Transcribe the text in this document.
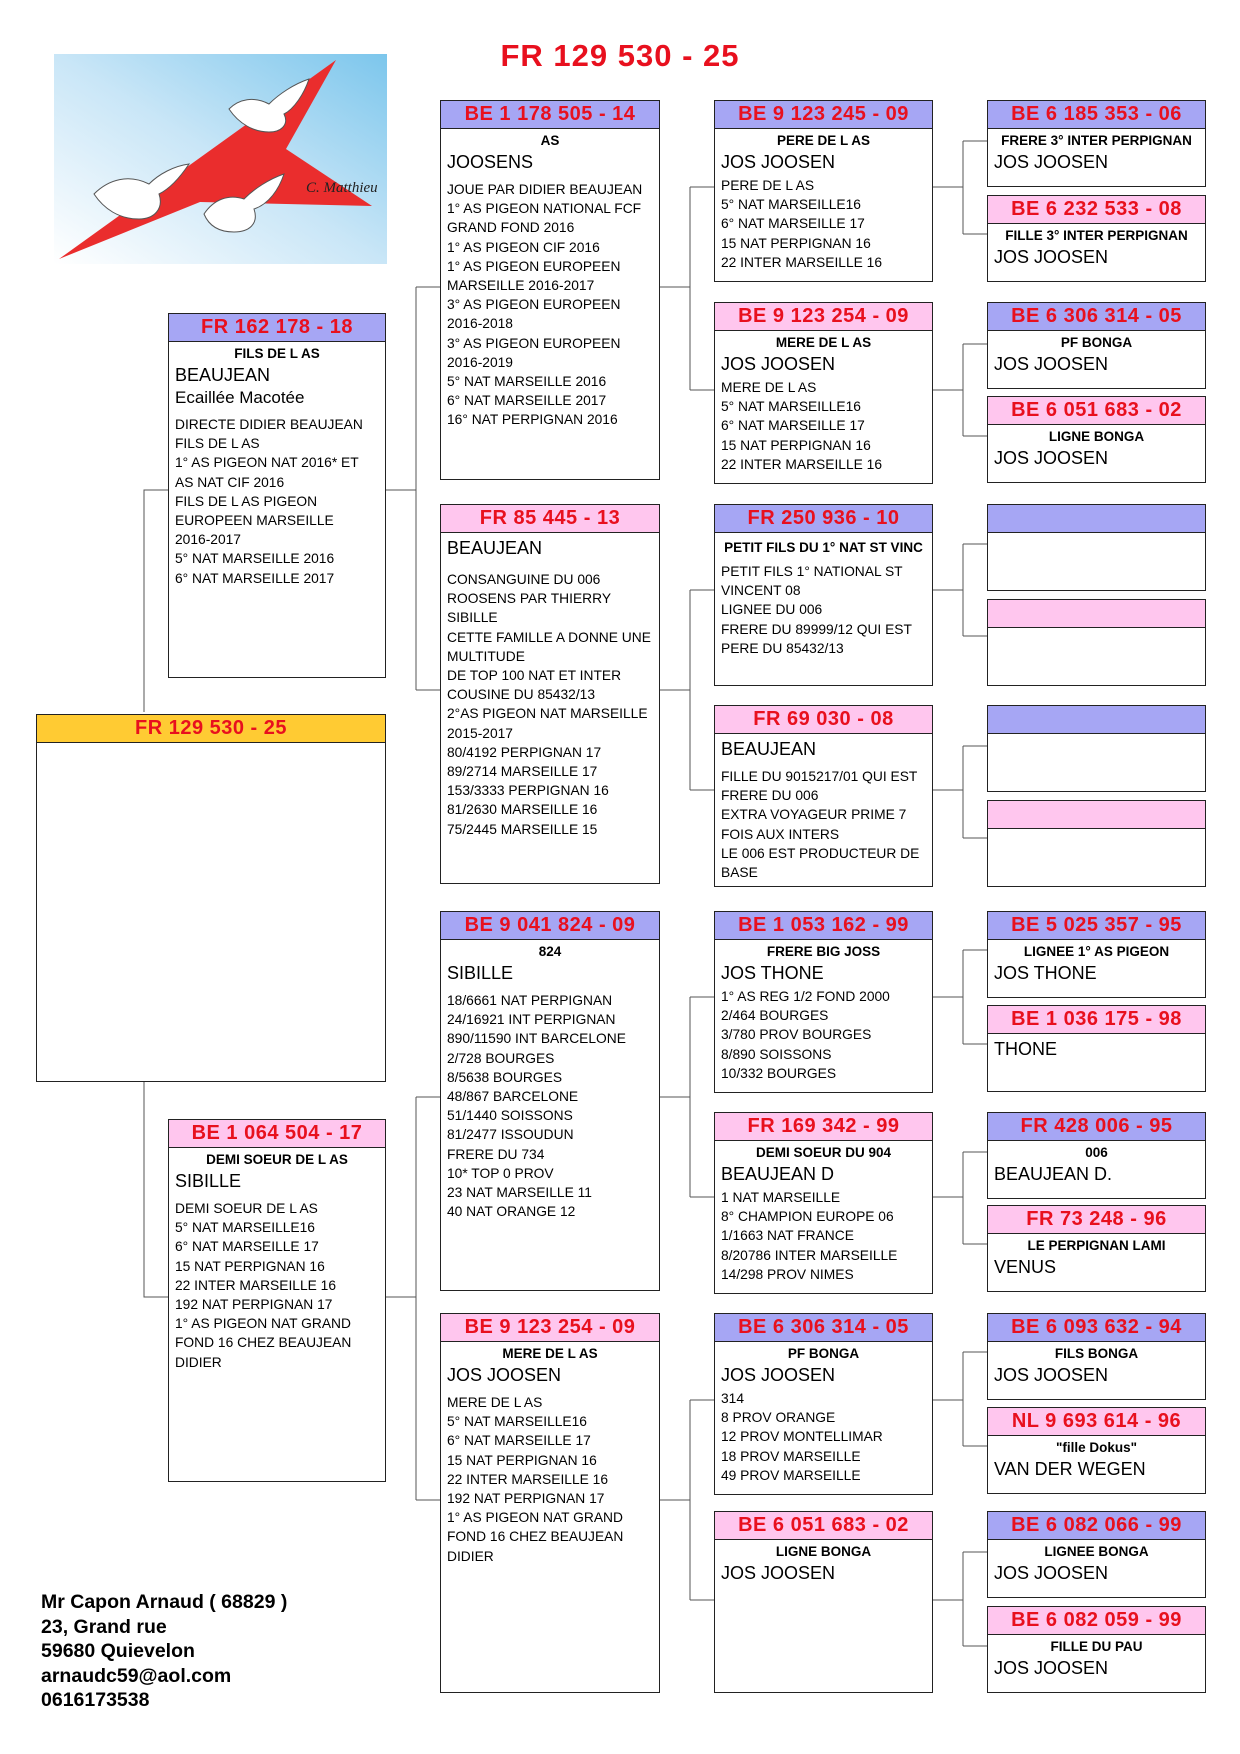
FR 129 530 - 25
C. Matthieu
FR 129 530 - 25
FR 162 178 - 18
FILS DE L AS
BEAUJEAN
Ecaillée Macotée
DIRECTE DIDIER BEAUJEAN
FILS DE L AS
1° AS PIGEON NAT 2016* ET
AS NAT CIF 2016
FILS DE L AS PIGEON
EUROPEEN MARSEILLE
2016-2017
5° NAT MARSEILLE 2016
6° NAT MARSEILLE 2017
BE 1 064 504 - 17
DEMI SOEUR DE L AS
SIBILLE
DEMI SOEUR DE L AS
5° NAT MARSEILLE16
6° NAT MARSEILLE 17
15 NAT PERPIGNAN 16
22 INTER MARSEILLE 16
192 NAT PERPIGNAN 17
1° AS PIGEON NAT GRAND
FOND 16 CHEZ BEAUJEAN
DIDIER
BE 1 178 505 - 14
AS
JOOSENS
JOUE PAR DIDIER BEAUJEAN
1° AS PIGEON NATIONAL FCF
GRAND FOND 2016
1° AS PIGEON CIF 2016
1° AS PIGEON EUROPEEN
MARSEILLE 2016-2017
3° AS PIGEON EUROPEEN
2016-2018
3° AS PIGEON EUROPEEN
2016-2019
5° NAT MARSEILLE 2016
6° NAT MARSEILLE 2017
16° NAT PERPIGNAN 2016
FR 85 445 - 13
BEAUJEAN
CONSANGUINE DU 006
ROOSENS PAR THIERRY
SIBILLE
CETTE FAMILLE A DONNE UNE
MULTITUDE
DE TOP 100 NAT ET INTER
COUSINE DU 85432/13
2°AS PIGEON NAT MARSEILLE
2015-2017
80/4192 PERPIGNAN 17
89/2714 MARSEILLE 17
153/3333 PERPIGNAN 16
81/2630 MARSEILLE 16
75/2445 MARSEILLE 15
BE 9 041 824 - 09
824
SIBILLE
18/6661 NAT PERPIGNAN
24/16921 INT PERPIGNAN
890/11590 INT BARCELONE
2/728 BOURGES
8/5638 BOURGES
48/867 BARCELONE
51/1440 SOISSONS
81/2477 ISSOUDUN
FRERE DU 734
10* TOP 0 PROV
23 NAT MARSEILLE 11
40 NAT ORANGE 12
BE 9 123 254 - 09
MERE DE L AS
JOS JOOSEN
MERE DE L AS
5° NAT MARSEILLE16
6° NAT MARSEILLE 17
15 NAT PERPIGNAN 16
22 INTER MARSEILLE 16
192 NAT PERPIGNAN 17
1° AS PIGEON NAT GRAND
FOND 16 CHEZ BEAUJEAN
DIDIER
BE 9 123 245 - 09
PERE DE L AS
JOS JOOSEN
PERE DE L AS
5° NAT MARSEILLE16
6° NAT MARSEILLE 17
15 NAT PERPIGNAN 16
22 INTER MARSEILLE 16
BE 9 123 254 - 09
MERE DE L AS
JOS JOOSEN
MERE DE L AS
5° NAT MARSEILLE16
6° NAT MARSEILLE 17
15 NAT PERPIGNAN 16
22 INTER MARSEILLE 16
FR 250 936 - 10
PETIT FILS DU 1° NAT ST VINC
PETIT FILS 1° NATIONAL ST
VINCENT 08
LIGNEE DU 006
FRERE DU 89999/12 QUI EST
PERE DU 85432/13
FR 69 030 - 08
BEAUJEAN
FILLE DU 9015217/01 QUI EST
FRERE DU 006
EXTRA VOYAGEUR PRIME 7
FOIS AUX INTERS
LE 006 EST PRODUCTEUR DE
BASE
BE 1 053 162 - 99
FRERE BIG JOSS
JOS THONE
1° AS REG 1/2 FOND 2000
2/464 BOURGES
3/780 PROV BOURGES
8/890 SOISSONS
10/332 BOURGES
FR 169 342 - 99
DEMI SOEUR DU 904
BEAUJEAN D
1 NAT MARSEILLE
8° CHAMPION EUROPE 06
1/1663 NAT FRANCE
8/20786 INTER MARSEILLE
14/298 PROV NIMES
BE 6 306 314 - 05
PF BONGA
JOS JOOSEN
314
8 PROV ORANGE
12 PROV MONTELLIMAR
18 PROV MARSEILLE
49 PROV MARSEILLE
BE 6 051 683 - 02
LIGNE BONGA
JOS JOOSEN
BE 6 185 353 - 06
FRERE 3° INTER PERPIGNAN
JOS JOOSEN
BE 6 232 533 - 08
FILLE 3° INTER PERPIGNAN
JOS JOOSEN
BE 6 306 314 - 05
PF BONGA
JOS JOOSEN
BE 6 051 683 - 02
LIGNE BONGA
JOS JOOSEN
BE 5 025 357 - 95
LIGNEE 1° AS PIGEON
JOS THONE
BE 1 036 175 - 98
THONE
FR 428 006 - 95
006
BEAUJEAN D.
FR 73 248 - 96
LE PERPIGNAN LAMI
VENUS
BE 6 093 632 - 94
FILS BONGA
JOS JOOSEN
NL 9 693 614 - 96
"fille Dokus"
VAN DER WEGEN
BE 6 082 066 - 99
LIGNEE BONGA
JOS JOOSEN
BE 6 082 059 - 99
FILLE DU PAU
JOS JOOSEN
Mr Capon Arnaud ( 68829 )
23, Grand rue
59680 Quievelon
arnaudc59@aol.com
0616173538
